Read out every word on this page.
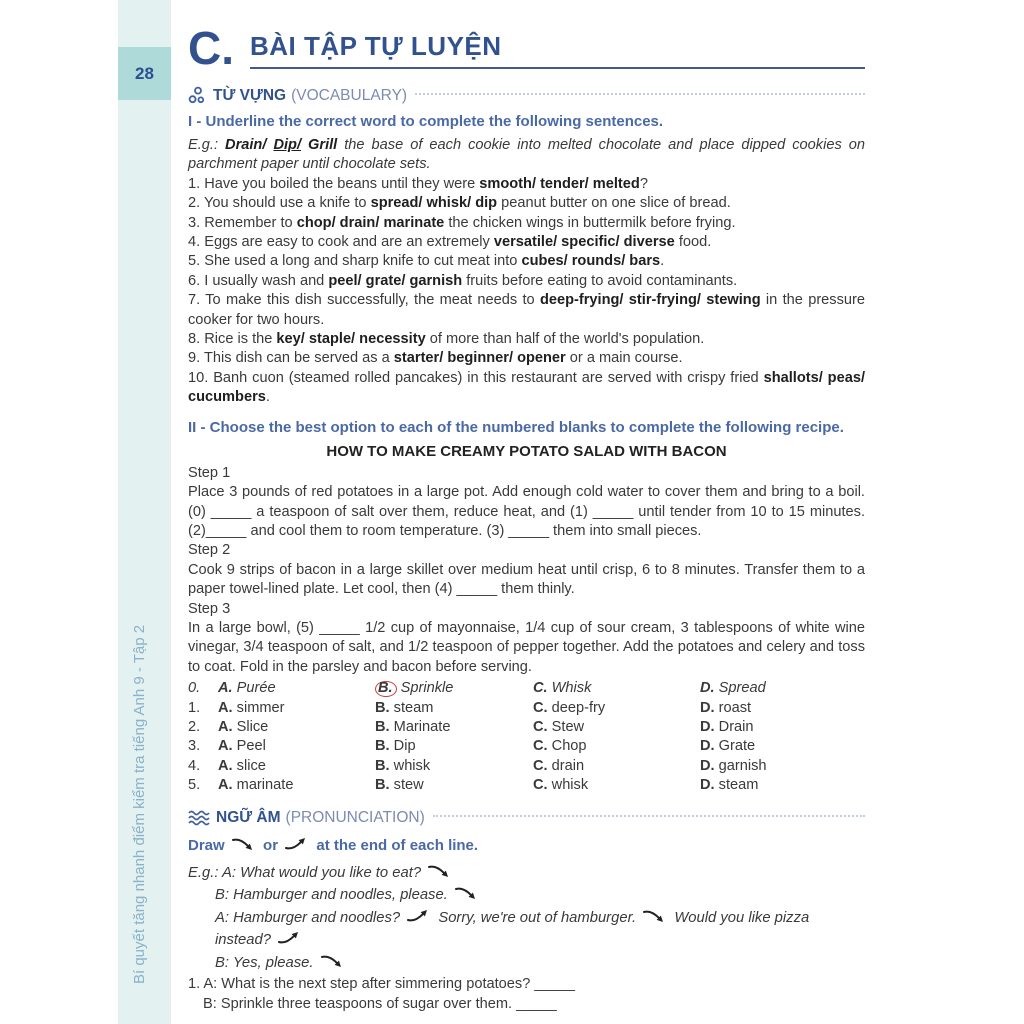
28
Bí quyết tăng nhanh điểm kiểm tra tiếng Anh 9 - Tập 2
C. BÀI TẬP TỰ LUYỆN
TỪ VỰNG (VOCABULARY)
I - Underline the correct word to complete the following sentences.
E.g.: Drain/ Dip/ Grill the base of each cookie into melted chocolate and place dipped cookies on parchment paper until chocolate sets.
1. Have you boiled the beans until they were smooth/ tender/ melted?
2. You should use a knife to spread/ whisk/ dip peanut butter on one slice of bread.
3. Remember to chop/ drain/ marinate the chicken wings in buttermilk before frying.
4. Eggs are easy to cook and are an extremely versatile/ specific/ diverse food.
5. She used a long and sharp knife to cut meat into cubes/ rounds/ bars.
6. I usually wash and peel/ grate/ garnish fruits before eating to avoid contaminants.
7. To make this dish successfully, the meat needs to deep-frying/ stir-frying/ stewing in the pressure cooker for two hours.
8. Rice is the key/ staple/ necessity of more than half of the world's population.
9. This dish can be served as a starter/ beginner/ opener or a main course.
10. Banh cuon (steamed rolled pancakes) in this restaurant are served with crispy fried shallots/ peas/ cucumbers.
II - Choose the best option to each of the numbered blanks to complete the following recipe.
HOW TO MAKE CREAMY POTATO SALAD WITH BACON
Step 1
Place 3 pounds of red potatoes in a large pot. Add enough cold water to cover them and bring to a boil. (0) _____ a teaspoon of salt over them, reduce heat, and (1) _____ until tender from 10 to 15 minutes. (2)_____ and cool them to room temperature. (3) _____ them into small pieces.
Step 2
Cook 9 strips of bacon in a large skillet over medium heat until crisp, 6 to 8 minutes. Transfer them to a paper towel-lined plate. Let cool, then (4) _____ them thinly.
Step 3
In a large bowl, (5) _____ 1/2 cup of mayonnaise, 1/4 cup of sour cream, 3 tablespoons of white wine vinegar, 3/4 teaspoon of salt, and 1/2 teaspoon of pepper together. Add the potatoes and celery and toss to coat. Fold in the parsley and bacon before serving.
0.	A. Purée	B. Sprinkle	C. Whisk	D. Spread
1.	A. simmer	B. steam	C. deep-fry	D. roast
2.	A. Slice	B. Marinate	C. Stew	D. Drain
3.	A. Peel	B. Dip	C. Chop	D. Grate
4.	A. slice	B. whisk	C. drain	D. garnish
5.	A. marinate	B. stew	C. whisk	D. steam
NGỮ ÂM (PRONUNCIATION)
Draw	or	at the end of each line.
E.g.: A: What would you like to eat?
B: Hamburger and noodles, please.
A: Hamburger and noodles?	Sorry, we're out of hamburger.	Would you like pizza instead?
B: Yes, please.
1. A: What is the next step after simmering potatoes? _____
B: Sprinkle three teaspoons of sugar over them. _____
